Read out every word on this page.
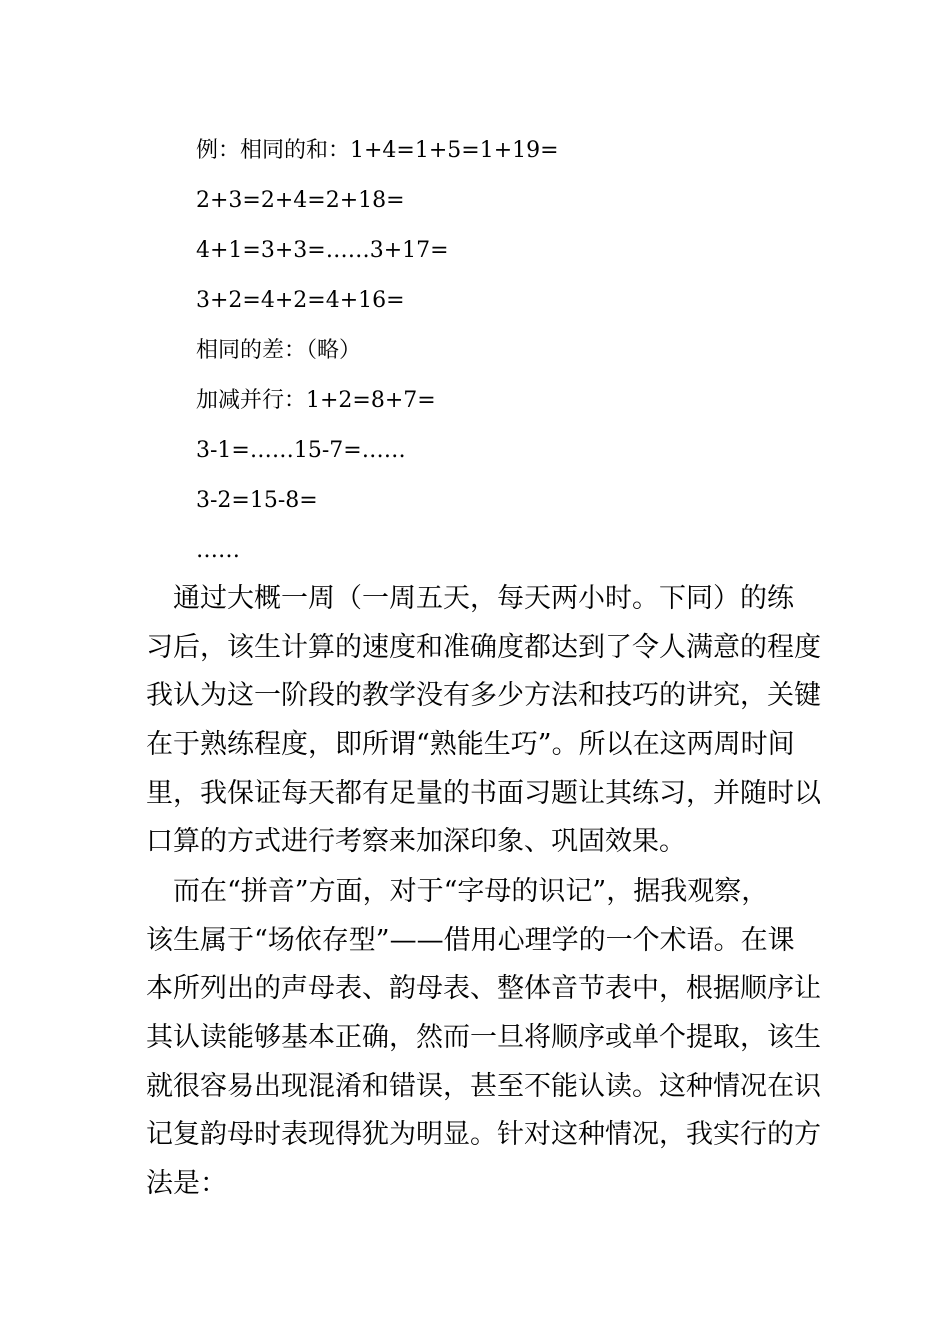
例：相同的和：1+4=1+5=1+19=
2+3=2+4=2+18=
4+1=3+3=……3+17=
3+2=4+2=4+16=
相同的差：（略）
加减并行：1+2=8+7=
3-1=……15-7=……
3-2=15-8=
……
　通过大概一周（一周五天，每天两小时。下同）的练
习后，该生计算的速度和准确度都达到了令人满意的程度
我认为这一阶段的教学没有多少方法和技巧的讲究，关键
在于熟练程度，即所谓“熟能生巧”。所以在这两周时间
里，我保证每天都有足量的书面习题让其练习，并随时以
口算的方式进行考察来加深印象、巩固效果。
　而在“拼音”方面，对于“字母的识记”，据我观察，
该生属于“场依存型”——借用心理学的一个术语。在课
本所列出的声母表、韵母表、整体音节表中，根据顺序让
其认读能够基本正确，然而一旦将顺序或单个提取，该生
就很容易出现混淆和错误，甚至不能认读。这种情况在识
记复韵母时表现得犹为明显。针对这种情况，我实行的方
法是：
